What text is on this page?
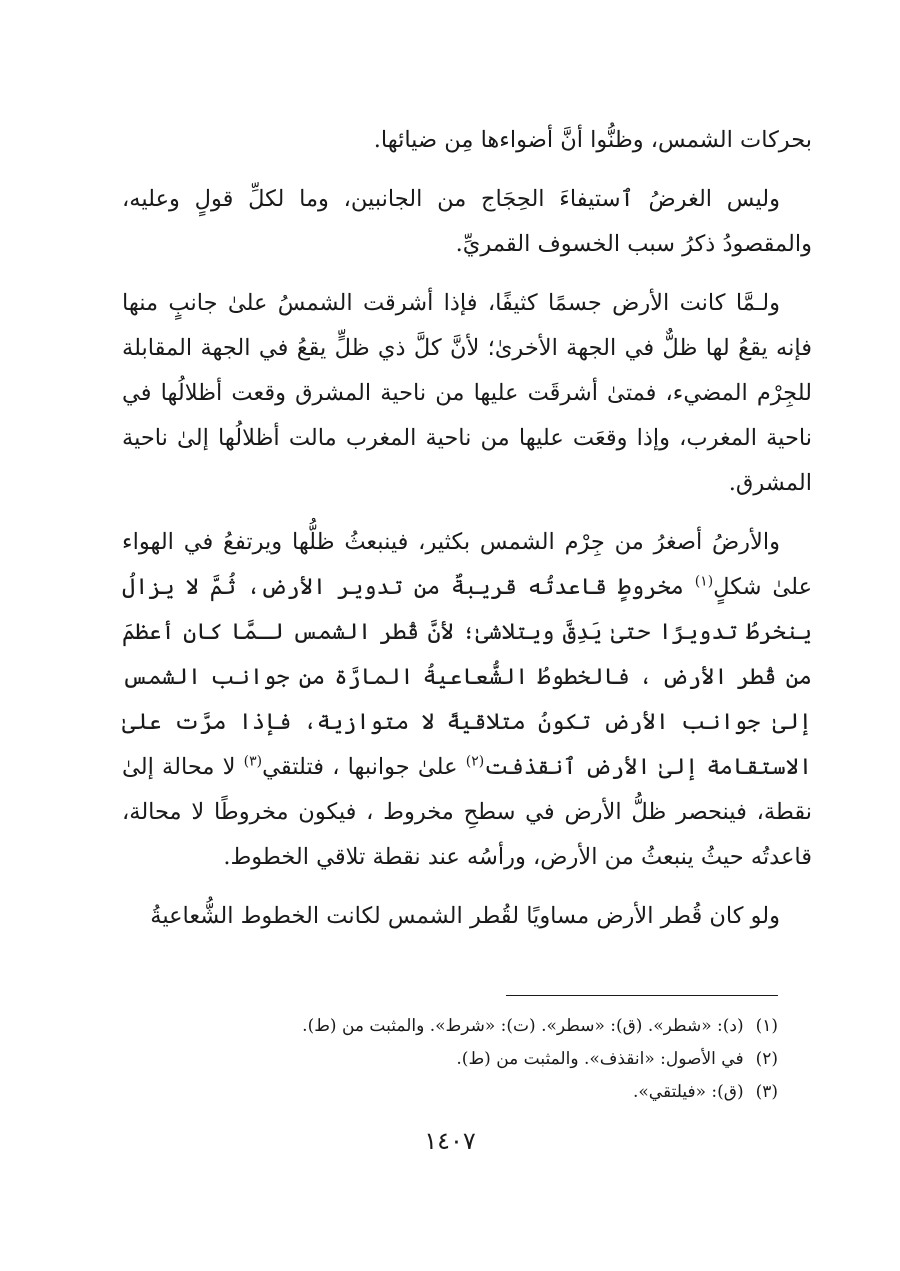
بحركات الشمس، وظنُّوا أنَّ أضواءها مِن ضيائها.

وليس الغرضُ ٱستيفاءَ الحِجَاج من الجانبين، وما لكلِّ قولٍ وعليه، والمقصودُ ذكرُ سبب الخسوف القمريِّ.

ولـمَّا كانت الأرض جسمًا كثيفًا، فإذا أشرقت الشمسُ علىٰ جانبٍ منها فإنه يقعُ لها ظلٌّ في الجهة الأخرىٰ؛ لأنَّ كلَّ ذي ظلٍّ يقعُ في الجهة المقابلة للجِرْم المضيء، فمتىٰ أشرقَت عليها من ناحية المشرق وقعت أظلالُها في ناحية المغرب، وإذا وقعَت عليها من ناحية المغرب مالت أظلالُها إلىٰ ناحية المشرق.

والأرضُ أصغرُ من جِرْم الشمس بكثير، فينبعثُ ظلُّها ويرتفعُ في الهواء علىٰ شكلٍ$^{(١)}$ مخروطٍ قاعدتُه قريبةٌ من تدوير الأرض، ثُمَّ لا يزالُ ينخرطُ تدويرًا حتىٰ يَدِقَّ ويتلاشىٰ؛ لأنَّ قُطر الشمس لـمَّا كان أعظمَ من قُطر الأرض ، فالخطوطُ الشُّعاعيةُ المارَّة من جوانب الشمس إلىٰ جوانب الأرض تكونُ متلاقيةً لا متوازية، فإذا مرَّت علىٰ الاستقامة إلىٰ الأرض ٱنقذفت$^{(٢)}$ علىٰ جوانبها ، فتلتقي$^{(٣)}$ لا محالة إلىٰ نقطة، فينحصر ظلُّ الأرض في سطحِ مخروط ، فيكون مخروطًا لا محالة، قاعدتُه حيثُ ينبعثُ من الأرض، ورأسُه عند نقطة تلاقي الخطوط.

ولو كان قُطر الأرض مساويًا لقُطر الشمس لكانت الخطوط الشُّعاعيةُ

(١)(د): «شطر». (ق): «سطر». (ت): «شرط». والمثبت من (ط).
(٢)في الأصول: «انقذف». والمثبت من (ط).
(٣)(ق): «فيلتقي».
١٤٠٧
